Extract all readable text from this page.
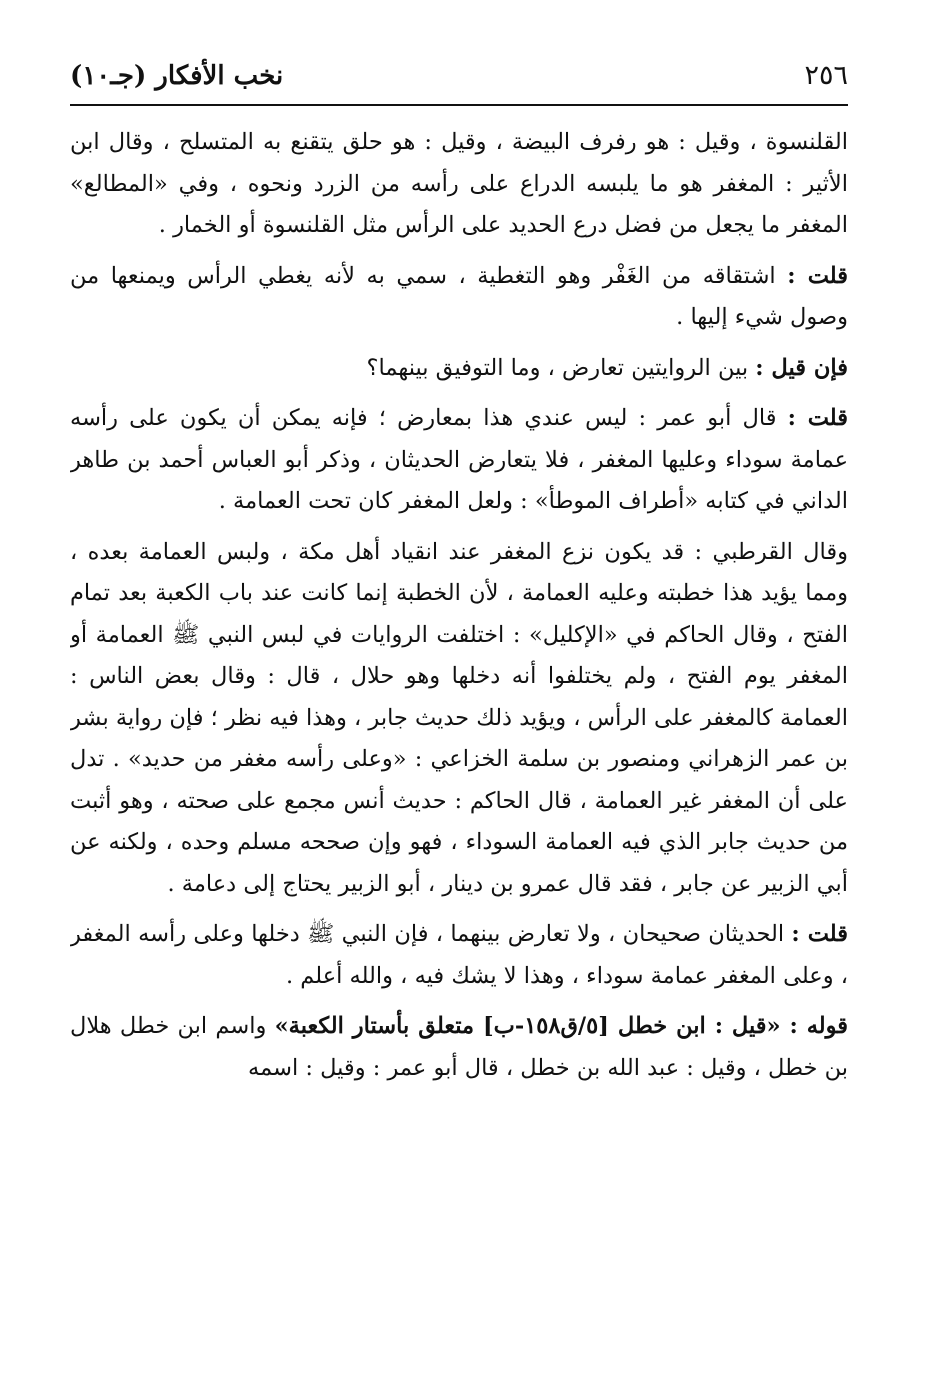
٢٥٦
نخب الأفكار (جـ١٠)

القلنسوة ، وقيل : هو رفرف البيضة ، وقيل : هو حلق يتقنع به المتسلح ، وقال ابن الأثير : المغفر هو ما يلبسه الدراع على رأسه من الزرد ونحوه ، وفي «المطالع» المغفر ما يجعل من فضل درع الحديد على الرأس مثل القلنسوة أو الخمار .

قلت : اشتقاقه من الغَفْر وهو التغطية ، سمي به لأنه يغطي الرأس ويمنعها من وصول شيء إليها .

فإن قيل : بين الروايتين تعارض ، وما التوفيق بينهما؟

قلت : قال أبو عمر : ليس عندي هذا بمعارض ؛ فإنه يمكن أن يكون على رأسه عمامة سوداء وعليها المغفر ، فلا يتعارض الحديثان ، وذكر أبو العباس أحمد بن طاهر الداني في كتابه «أطراف الموطأ» : ولعل المغفر كان تحت العمامة .

وقال القرطبي : قد يكون نزع المغفر عند انقياد أهل مكة ، ولبس العمامة بعده ، ومما يؤيد هذا خطبته وعليه العمامة ، لأن الخطبة إنما كانت عند باب الكعبة بعد تمام الفتح ، وقال الحاكم في «الإكليل» : اختلفت الروايات في لبس النبي ﷺ العمامة أو المغفر يوم الفتح ، ولم يختلفوا أنه دخلها وهو حلال ، قال : وقال بعض الناس : العمامة كالمغفر على الرأس ، ويؤيد ذلك حديث جابر ، وهذا فيه نظر ؛ فإن رواية بشر بن عمر الزهراني ومنصور بن سلمة الخزاعي : «وعلى رأسه مغفر من حديد» . تدل على أن المغفر غير العمامة ، قال الحاكم : حديث أنس مجمع على صحته ، وهو أثبت من حديث جابر الذي فيه العمامة السوداء ، فهو وإن صححه مسلم وحده ، ولكنه عن أبي الزبير عن جابر ، فقد قال عمرو بن دينار ، أبو الزبير يحتاج إلى دعامة .

قلت : الحديثان صحيحان ، ولا تعارض بينهما ، فإن النبي ﷺ دخلها وعلى رأسه المغفر ، وعلى المغفر عمامة سوداء ، وهذا لا يشك فيه ، والله أعلم .

قوله : «قيل : ابن خطل [٥/ق١٥٨-ب] متعلق بأستار الكعبة» واسم ابن خطل هلال بن خطل ، وقيل : عبد الله بن خطل ، قال أبو عمر : وقيل : اسمه
